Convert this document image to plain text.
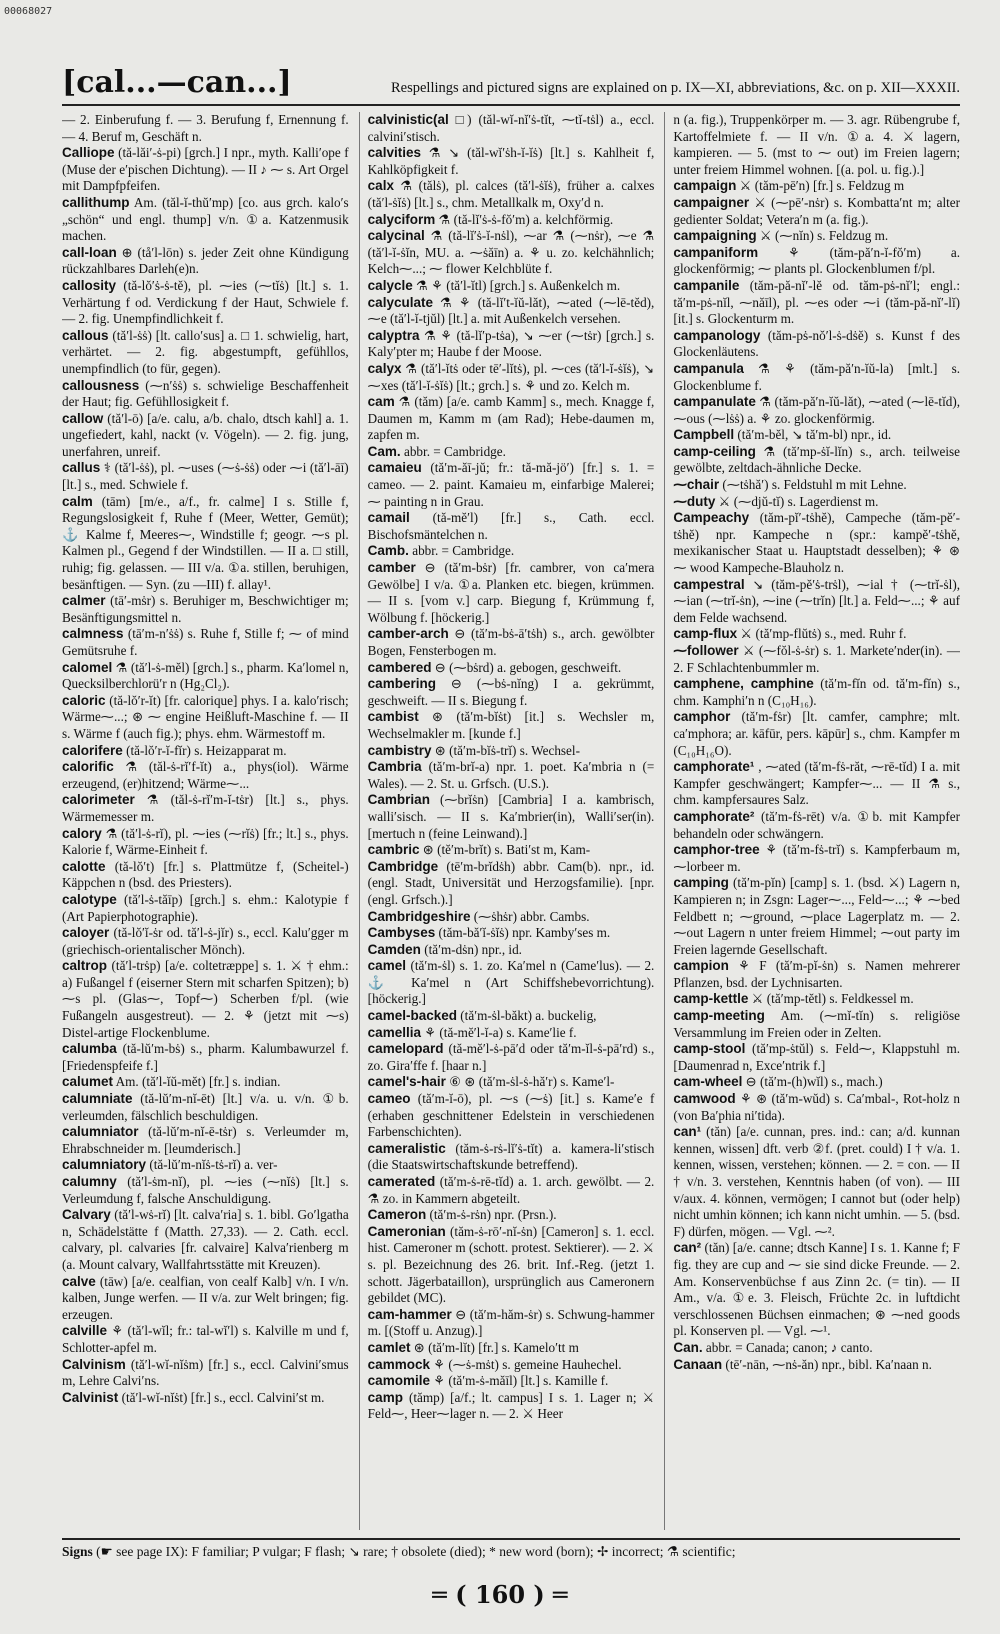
00068027
[cal...—can...]	Respellings and pictured signs are explained on p. IX—XI, abbreviations, &c. on p. XII—XXXII.

— 2. Einberufung f. — 3. Berufung f, Ernennung f. — 4. Beruf m, Geschäft n.

Calliope (tă-lăi′-ṡ-pi) [grch.] I npr., myth. Kalli′ope f (Muse der e′pischen Dichtung). — II ♪ ⁓ s. Art Orgel mit Dampfpfeifen.

callithump Am. (tăl-ĭ-thŭ′mp) [co. aus grch. kalo′s „schön“ und engl. thump] v/n. ①a. Katzenmusik machen.

call-loan ⊕ (tå′l-lōn) s. jeder Zeit ohne Kündigung rückzahlbares Darleh(e)n.

callosity (tă-lŏ′ṡ-ṡ-tĕ), pl. ⁓ies (⁓tĭṡ) [lt.] s. 1. Verhärtung f od. Verdickung f der Haut, Schwiele f. — 2. fig. Unempfindlichkeit f.

callous (tă′l-ṡṡ) [lt. callo′sus] a. □ 1. schwielig, hart, verhärtet. — 2. fig. abgestumpft, gefühllos, unempfindlich (to für, gegen).

callousness (⁓n′ṡṡ) s. schwielige Beschaffenheit der Haut; fig. Gefühllosigkeit f.

callow (tă′l-ō) [a/e. calu, a/b. chalo, dtsch kahl] a. 1. ungefiedert, kahl, nackt (v. Vögeln). — 2. fig. jung, unerfahren, unreif.

callus ⚕ (tă′l-ṡṡ), pl. ⁓uses (⁓ṡ-ṡṡ) oder ⁓i (tă′l-āī) [lt.] s., med. Schwiele f.

calm (tām) [m/e., a/f., fr. calme] I s. Stille f, Regungslosigkeit f, Ruhe f (Meer, Wetter, Gemüt); ⚓ Kalme f, Meeres⁓, Windstille f; geogr. ⁓s pl. Kalmen pl., Gegend f der Windstillen. — II a. □ still, ruhig; fig. gelassen. — III v/a. ①a. stillen, beruhigen, besänftigen. — Syn. (zu —III) f. allay¹.

calmer (tā′-mṡr) s. Beruhiger m, Beschwichtiger m; Besänftigungsmittel n.

calmness (tā′m-n′ṡṡ) s. Ruhe f, Stille f; ⁓ of mind Gemütsruhe f.

calomel ⚗ (tă′l-ṡ-mĕl) [grch.] s., pharm. Ka′lomel n, Quecksilberchlorü′r n (Hg₂Cl₂).

caloric (tă-lŏ′r-ĭt) [fr. calorique] phys. I a. kalo′risch; Wärme⁓...; ⊛ ⁓ engine Heißluft-Maschine f. — II s. Wärme f (auch fig.); phys. ehm. Wärmestoff m.

calorifere (tă-lŏ′r-ĭ-fĭr) s. Heizapparat m.

calorific ⚗ (tăl-ṡ-rĭ′f-ĭt) a., phys(iol). Wärme erzeugend, (er)hitzend; Wärme⁓...

calorimeter ⚗ (tăl-ṡ-rĭ′m-ĭ-tṡr) [lt.] s., phys. Wärmemesser m.

calory ⚗ (tă′l-ṡ-rĭ), pl. ⁓ies (⁓rĭṡ) [fr.; lt.] s., phys. Kalorie f, Wärme-Einheit f.

calotte (tă-lŏ′t) [fr.] s. Plattmütze f, (Scheitel-) Käppchen n (bsd. des Priesters).

calotype (tă′l-ṡ-tăīp) [grch.] s. ehm.: Kalotypie f (Art Papierphotographie).

caloyer (tă-lŏ′ĭ-ṡr od. tă′l-ṡ-jĭr) s., eccl. Kalu′gger m (griechisch-orientalischer Mönch).

caltrop (tă′l-trṡp) [a/e. coltetræppe] s. 1. ⚔ † ehm.: a) Fußangel f (eiserner Stern mit scharfen Spitzen); b) ⁓s pl. (Glas⁓, Topf⁓) Scherben f/pl. (wie Fußangeln ausgestreut). — 2. ⚘ (jetzt mit ⁓s) Distel-artige Flockenblume.

calumba (tă-lŭ′m-bṡ) s., pharm. Kalumbawurzel f. [Friedenspfeife f.]

calumet Am. (tă′l-ĭŭ-mĕt) [fr.] s. indian.

calumniate (tă-lŭ′m-nĭ-ēt) [lt.] v/a. u. v/n. ①b. verleumden, fälschlich beschuldigen.

calumniator (tă-lŭ′m-nĭ-ē-tṡr) s. Verleumder m, Ehrabschneider m. [leumderisch.]

calumniatory (tă-lŭ′m-nĭṡ-tṡ-rĭ) a. ver-

calumny (tă′l-ṡm-nĭ), pl. ⁓ies (⁓nĭṡ) [lt.] s. Verleumdung f, falsche Anschuldigung.

Calvary (tă′l-wṡ-rĭ) [lt. calva′ria] s. 1. bibl. Go′lgatha n, Schädelstätte f (Matth. 27,33). — 2. Cath. eccl. calvary, pl. calvaries [fr. calvaire] Kalva′rienberg m (a. Mount calvary, Wallfahrtsstätte mit Kreuzen).

calve (tāw) [a/e. cealfian, von cealf Kalb] v/n. I v/n. kalben, Junge werfen. — II v/a. zur Welt bringen; fig. erzeugen.

calville ⚘ (tă′l-wĭl; fr.: tal-wĭ′l) s. Kalville m und f, Schlotter-apfel m.

Calvinism (tă′l-wĭ-nĭṡm) [fr.] s., eccl. Calvini′smus m, Lehre Calvi′ns.

Calvinist (tă′l-wĭ-nĭṡt) [fr.] s., eccl. Calvini′st m.

calvinistic(al □) (tăl-wĭ-nĭ′ṡ-tĭt, ⁓tĭ-tṡl) a., eccl. calvini′stisch.

calvities ⚗ ↘ (tăl-wĭ′ṡh-ĭ-ĭṡ) [lt.] s. Kahlheit f, Kahlköpfigkeit f.

calx ⚗ (tălṡ), pl. calces (tă′l-ṡĭṡ), früher a. calxes (tă′l-ṡĭṡ) [lt.] s., chm. Metallkalk m, Oxy′d n.

calyciform ⚗ (tă-lĭ′ṡ-ṡ-fŏ′m) a. kelchförmig.

calycinal ⚗ (tă-lĭ′ṡ-ĭ-nṡl), ⁓ar ⚗ (⁓nṡr), ⁓e ⚗ (tă′l-ĭ-ṡĭn, MU. a. ⁓ṡăīn) a. ⚘ u. zo. kelchähnlich; Kelch⁓...; ⁓ flower Kelchblüte f.

calycle ⚗ ⚘ (tă′l-ĭtl) [grch.] s. Außenkelch m.

calyculate ⚗ ⚘ (tă-lĭ′t-ĭŭ-lăt), ⁓ated (⁓lē-tĕd), ⁓e (tă′l-ĭ-tjŭl) [lt.] a. mit Außenkelch versehen.

calyptra ⚗ ⚘ (tă-lĭ′p-tṡa), ↘ ⁓er (⁓tṡr) [grch.] s. Kaly′pter m; Haube f der Moose.

calyx ⚗ (tă′l-ĭtṡ oder tē′-lĭtṡ), pl. ⁓ces (tă′l-ĭ-ṡĭṡ), ↘ ⁓xes (tă′l-ĭ-ṡĭṡ) [lt.; grch.] s. ⚘ und zo. Kelch m.

cam ⚗ (tăm) [a/e. camb Kamm] s., mech. Knagge f, Daumen m, Kamm m (am Rad); Hebe-daumen m, zapfen m.

Cam. abbr. = Cambridge.

camaieu (tă′m-ăī-jŭ; fr.: tă-mă-jö′) [fr.] s. 1. = cameo. — 2. paint. Kamaieu m, einfarbige Malerei; ⁓ painting n in Grau.

camail (tă-mĕ′l) [fr.] s., Cath. eccl. Bischofsmäntelchen n.

Camb. abbr. = Cambridge.

camber ⊖ (tă′m-bṡr) [fr. cambrer, von ca′mera Gewölbe] I v/a. ①a. Planken etc. biegen, krümmen. — II s. [vom v.] carp. Biegung f, Krümmung f, Wölbung f. [höckerig.]

camber-arch ⊖ (tă′m-bṡ-ā′tṡh) s., arch. gewölbter Bogen, Fensterbogen m.

cambered ⊖ (⁓bṡrd) a. gebogen, geschweift.

cambering ⊖ (⁓bṡ-nĭng) I a. gekrümmt, geschweift. — II s. Biegung f.

cambist ⊛ (tă′m-bĭṡt) [it.] s. Wechsler m, Wechselmakler m. [kunde f.]

cambistry ⊛ (tă′m-bĭṡ-trĭ) s. Wechsel-

Cambria (tă′m-brĭ-a) npr. 1. poet. Ka′mbria n (= Wales). — 2. St. u. Grfsch. (U.S.).

Cambrian (⁓brĭṡn) [Cambria] I a. kambrisch, walli′sisch. — II s. Ka′mbrier(in), Walli′ser(in). [mertuch n (feine Leinwand).]

cambric ⊛ (tĕ′m-brĭt) s. Bati′st m, Kam-

Cambridge (tē′m-brĭdṡh) abbr. Cam(b). npr., id. (engl. Stadt, Universität und Herzogsfamilie). [npr. (engl. Grfsch.).]

Cambridgeshire (⁓ṡhṡr) abbr. Cambs.

Cambyses (tăm-bă′ĭ-ṡĭṡ) npr. Kamby′ses m.

Camden (tă′m-dṡn) npr., id.

camel (tă′m-ṡl) s. 1. zo. Ka′mel n (Came′lus). — 2. ⚓ Ka′mel n (Art Schiffshebevorrichtung). [höckerig.]

camel-backed (tă′m-ṡl-băkt) a. buckelig,

camellia ⚘ (tă-mĕ′l-ĭ-a) s. Kame′lie f.

camelopard (tă-mĕ′l-ṡ-pā′d oder tă′m-ĭl-ṡ-pā′rd) s., zo. Gira′ffe f. [haar n.]

camel's-hair ⑥ ⊛ (tă′m-ṡl-ṡ-hă′r) s. Kame′l-

cameo (tă′m-ĭ-ō), pl. ⁓s (⁓ṡ) [it.] s. Kame′e f (erhaben geschnittener Edelstein in verschiedenen Farbenschichten).

cameralistic (tăm-ṡ-rṡ-lĭ′ṡ-tĭt) a. kamera-li′stisch (die Staatswirtschaftskunde betreffend).

camerated (tă′m-ṡ-rē-tĭd) a. 1. arch. gewölbt. — 2. ⚗ zo. in Kammern abgeteilt.

Cameron (tă′m-ṡ-rṡn) npr. (Prsn.).

Cameronian (tăm-ṡ-rō′-nĭ-ṡn) [Cameron] s. 1. eccl. hist. Cameroner m (schott. protest. Sektierer). — 2. ⚔ s. pl. Bezeichnung des 26. brit. Inf.-Reg. (jetzt 1. schott. Jägerbataillon), ursprünglich aus Cameronern gebildet (MC).

cam-hammer ⊖ (tă′m-hăm-ṡr) s. Schwung-hammer m. [(Stoff u. Anzug).]

camlet ⊛ (tă′m-lĭt) [fr.] s. Kamelo′tt m

cammock ⚘ (⁓ṡ-mṡt) s. gemeine Hauhechel.

camomile ⚘ (tă′m-ṡ-măīl) [lt.] s. Kamille f.

camp (tămp) [a/f.; lt. campus] I s. 1. Lager n; ⚔ Feld⁓, Heer⁓lager n. — 2. ⚔ Heer

n (a. fig.), Truppenkörper m. — 3. agr. Rübengrube f, Kartoffelmiete f. — II v/n. ①a. 4. ⚔ lagern, kampieren. — 5. (mst to ⁓ out) im Freien lagern; unter freiem Himmel wohnen. [(a. pol. u. fig.).]

campaign ⚔ (tăm-pē′n) [fr.] s. Feldzug m

campaigner ⚔ (⁓pē′-nṡr) s. Kombatta′nt m; alter gedienter Soldat; Vetera′n m (a. fig.).

campaigning ⚔ (⁓nĭn) s. Feldzug m.

campaniform ⚘ (tăm-pă′n-ĭ-fŏ′m) a. glockenförmig; ⁓ plants pl. Glockenblumen f/pl.

campanile (tăm-pă-nĭ′-lĕ od. tăm-pṡ-nĭ′l; engl.: tă′m-pṡ-nĭl, ⁓năīl), pl. ⁓es oder ⁓i (tăm-pă-nĭ′-lĭ) [it.] s. Glockenturm m.

campanology (tăm-pṡ-nŏ′l-ṡ-dṡĕ) s. Kunst f des Glockenläutens.

campanula ⚗ ⚘ (tăm-pă′n-ĭŭ-la) [mlt.] s. Glockenblume f.

campanulate ⚗ (tăm-pă′n-ĭŭ-lăt), ⁓ated (⁓lē-tĭd), ⁓ous (⁓lṡṡ) a. ⚘ zo. glockenförmig.

Campbell (tă′m-bĕl, ↘ tă′m-bl) npr., id.

camp-ceiling ⚗ (tă′mp-ṡĭ-lĭn) s., arch. teilweise gewölbte, zeltdach-ähnliche Decke.

⁓chair (⁓tṡhă′) s. Feldstuhl m mit Lehne.

⁓duty ⚔ (⁓djŭ-tĭ) s. Lagerdienst m.

Campeachy (tăm-pĭ′-tṡhĕ), Campeche (tăm-pĕ′-tṡhĕ) npr. Kampeche n (spr.: kampĕ′-tṡhĕ, mexikanischer Staat u. Hauptstadt desselben); ⚘ ⊛ ⁓ wood Kampeche-Blauholz n.

campestral ↘ (tăm-pĕ′ṡ-trṡl), ⁓ial † (⁓trĭ-ṡl), ⁓ian (⁓trĭ-ṡn), ⁓ine (⁓trĭn) [lt.] a. Feld⁓...; ⚘ auf dem Felde wachsend.

camp-flux ⚔ (tă′mp-flŭtṡ) s., med. Ruhr f.

⁓follower ⚔ (⁓fŏl-ṡ-ṡr) s. 1. Markete′nder(in). — 2. F Schlachtenbummler m.

camphene, camphine (tă′m-fĭn od. tă′m-fĭn) s., chm. Kamphi′n n (C₁₀H₁₆).

camphor (tă′m-fṡr) [lt. camfer, camphre; mlt. ca′mphora; ar. kāfūr, pers. kāpūr] s., chm. Kampfer m (C₁₀H₁₆O).

camphorate¹ , ⁓ated (tă′m-fṡ-răt, ⁓rē-tĭd) I a. mit Kampfer geschwängert; Kampfer⁓... — II ⚗ s., chm. kampfersaures Salz.

camphorate² (tă′m-fṡ-rēt) v/a. ①b. mit Kampfer behandeln oder schwängern.

camphor-tree ⚘ (tă′m-fṡ-trĭ) s. Kampferbaum m, ⁓lorbeer m.

camping (tă′m-pĭn) [camp] s. 1. (bsd. ⚔) Lagern n, Kampieren n; in Zsgn: Lager⁓..., Feld⁓...; ⚘ ⁓bed Feldbett n; ⁓ground, ⁓place Lagerplatz m. — 2. ⁓out Lagern n unter freiem Himmel; ⁓out party im Freien lagernde Gesellschaft.

campion ⚘ F (tă′m-pĭ-ṡn) s. Namen mehrerer Pflanzen, bsd. der Lychnisarten.

camp-kettle ⚔ (tă′mp-tĕtl) s. Feldkessel m.

camp-meeting Am. (⁓mĭ-tĭn) s. religiöse Versammlung im Freien oder in Zelten.

camp-stool (tă′mp-ṡtŭl) s. Feld⁓, Klappstuhl m. [Daumenrad n, Exce′ntrik f.]

cam-wheel ⊖ (tă′m-(h)wĭl) s., mach.)

camwood ⚘ ⊛ (tă′m-wŭd) s. Ca′mbal-, Rot-holz n (von Ba′phia ni′tida).

can¹ (tăn) [a/e. cunnan, pres. ind.: can; a/d. kunnan kennen, wissen] dft. verb ②f. (pret. could) I † v/a. 1. kennen, wissen, verstehen; können. — 2. = con. — II † v/n. 3. verstehen, Kenntnis haben (of von). — III v/aux. 4. können, vermögen; I cannot but (oder help) nicht umhin können; ich kann nicht umhin. — 5. (bsd. F) dürfen, mögen. — Vgl. ⁓².

can² (tăn) [a/e. canne; dtsch Kanne] I s. 1. Kanne f; F fig. they are cup and ⁓ sie sind dicke Freunde. — 2. Am. Konservenbüchse f aus Zinn 2c. (= tin). — II Am., v/a. ①e. 3. Fleisch, Früchte 2c. in luftdicht verschlossenen Büchsen einmachen; ⊛ ⁓ned goods pl. Konserven pl. — Vgl. ⁓¹.

Can. abbr. = Canada; canon; ♪ canto.

Canaan (tē′-nān, ⁓nṡ-ăn) npr., bibl. Ka′naan n.

Signs (☛ see page IX): F familiar; P vulgar; F flash; ↘ rare; † obsolete (died); * new word (born); ✢ incorrect; ⚗ scientific;
═ ( 160 ) ═
